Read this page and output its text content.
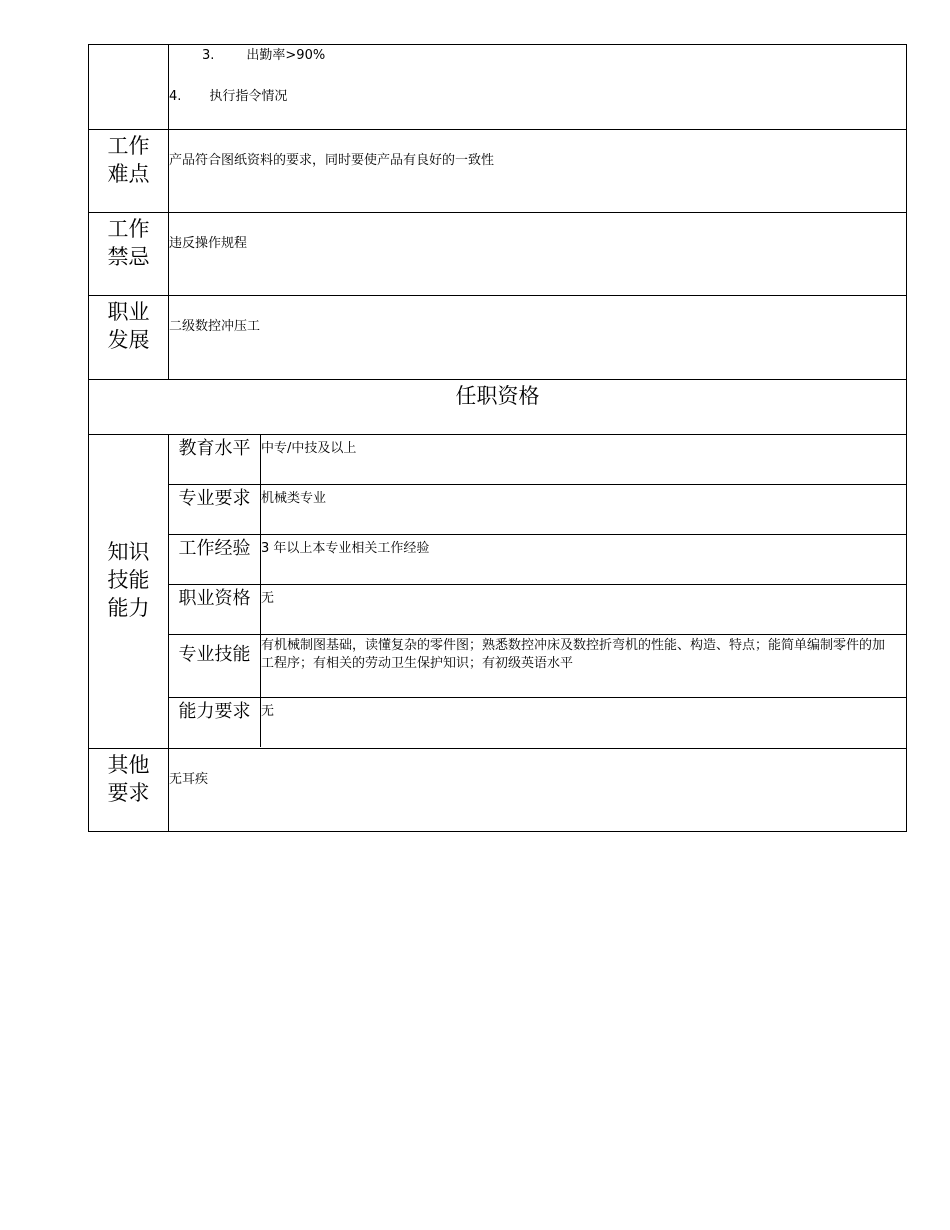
3. 出勤率>90%
4. 执行指令情况
工作难点
产品符合图纸资料的要求，同时要使产品有良好的一致性
工作禁忌
违反操作规程
职业发展
二级数控冲压工
任职资格
知识技能能力
教育水平 中专/中技及以上
专业要求 机械类专业
工作经验 3 年以上本专业相关工作经验
职业资格 无
专业技能 有机械制图基础，读懂复杂的零件图；熟悉数控冲床及数控折弯机的性能、构造、特点；能简单编制零件的加工程序；有相关的劳动卫生保护知识；有初级英语水平
能力要求 无
其他要求
无耳疾
